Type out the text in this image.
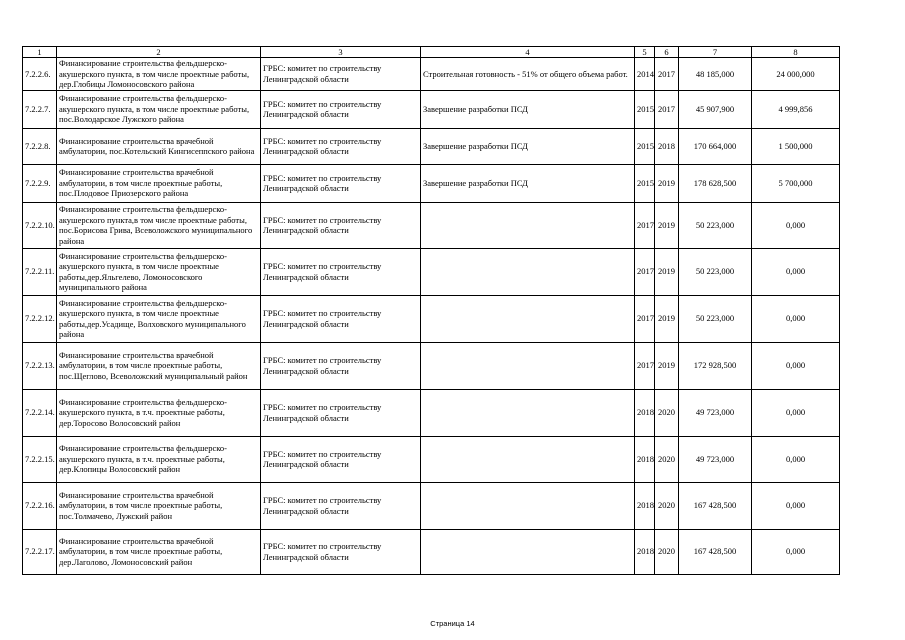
1	2	3	4	5	6	7	8
7.2.2.6.	Финансирование строительства фельдшерско-акушерского пункта, в том числе проектные работы, дер.Глобицы Ломоносовского района	ГРБС: комитет по строительству Ленинградской области	Строительная готовность - 51% от общего объема работ.	2014	2017	48 185,000	24 000,000
7.2.2.7.	Финансирование строительства фельдшерско-акушерского пункта, в том числе проектные работы, пос.Володарское Лужского района	ГРБС: комитет по строительству Ленинградской области	Завершение разработки ПСД	2015	2017	45 907,900	4 999,856
7.2.2.8.	Финансирование строительства врачебной амбулатории, пос.Котельский Кингисеппского района	ГРБС: комитет по строительству Ленинградской области	Завершение разработки ПСД	2015	2018	170 664,000	1 500,000
7.2.2.9.	Финансирование строительства врачебной амбулатории, в том числе проектные работы, пос.Плодовое Приозерского района	ГРБС: комитет по строительству Ленинградской области	Завершение разработки ПСД	2015	2019	178 628,500	5 700,000
7.2.2.10.	Финансирование строительства фельдшерско-акушерского пункта,в том числе проектные работы, пос.Борисова Грива, Всеволожского муниципального района	ГРБС: комитет по строительству Ленинградской области		2017	2019	50 223,000	0,000
7.2.2.11.	Финансирование строительства фельдшерско-акушерского пункта, в том числе проектные работы,дер.Яльгелево, Ломоносовского муниципального района	ГРБС: комитет по строительству Ленинградской области		2017	2019	50 223,000	0,000
7.2.2.12.	Финансирование строительства фельдшерско-акушерского пункта, в том числе проектные работы,дер.Усадище, Волховского муниципального района	ГРБС: комитет по строительству Ленинградской области		2017	2019	50 223,000	0,000
7.2.2.13.	Финансирование строительства врачебной амбулатории, в том числе проектные работы, пос.Щеглово, Всеволожский муниципальный район	ГРБС: комитет по строительству Ленинградской области		2017	2019	172 928,500	0,000
7.2.2.14.	Финансирование строительства фельдшерско-акушерского пункта, в т.ч. проектные работы, дер.Торосово Волосовский район	ГРБС: комитет по строительству Ленинградской области		2018	2020	49 723,000	0,000
7.2.2.15.	Финансирование строительства фельдшерско-акушерского пункта, в т.ч. проектные работы, дер.Клопицы Волосовский район	ГРБС: комитет по строительству Ленинградской области		2018	2020	49 723,000	0,000
7.2.2.16.	Финансирование строительства врачебной амбулатории, в том числе проектные работы, пос.Толмачево, Лужский район	ГРБС: комитет по строительству Ленинградской области		2018	2020	167 428,500	0,000
7.2.2.17.	Финансирование строительства врачебной амбулатории, в том числе проектные работы, дер.Лаголово, Ломоносовский район	ГРБС: комитет по строительству Ленинградской области		2018	2020	167 428,500	0,000
Страница 14
